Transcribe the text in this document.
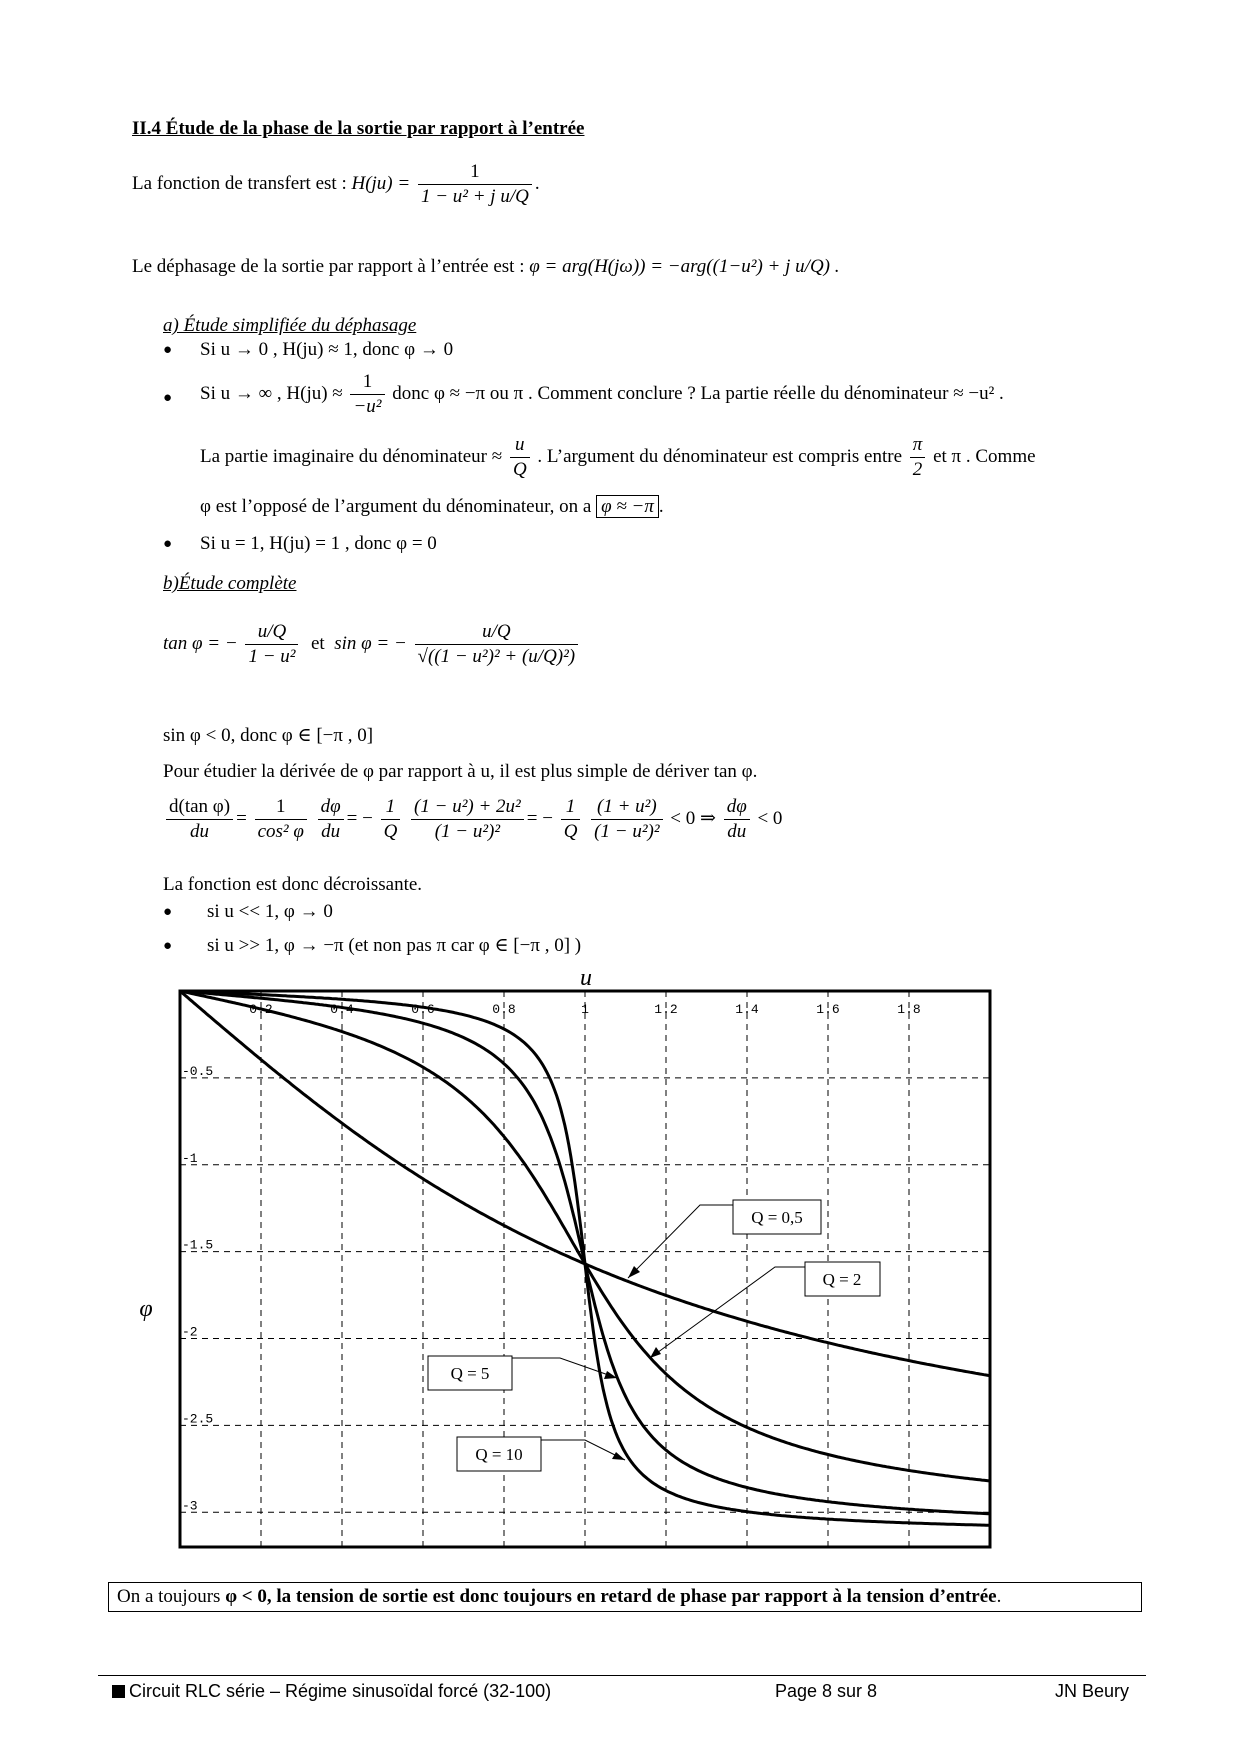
II.4 Étude de la phase de la sortie par rapport à l’entrée
La fonction de transfert est : $H(ju) = \frac{1}{\text{1 − u² + j u/Q}}$ .
Le déphasage de la sortie par rapport à l’entrée est : φ = arg(H(jω)) = −arg((1−u²) + j u/Q) .
a) Étude simplifiée du déphasage
● Si u → 0 , H(ju) ≈ 1, donc φ → 0
● Si u → ∞ , $H(ju) \approx \frac{1}{\text{−u²}}$ donc φ ≈ −π ou π . Comment conclure ? La partie réelle du dénominateur ≈ −u² .
La partie imaginaire du dénominateur ≈ $\frac{u}{Q}$ . L’argument du dénominateur est compris entre $\frac{\pi}{2}$ et π . Comme
φ est l’opposé de l’argument du dénominateur, on a φ ≈ −π .
● Si u = 1, H(ju) = 1 , donc φ = 0
b)Étude complète
tan φ = − $\frac{u/Q}{\text{1 − u²}}$ et sin φ = − $\frac{u/Q}{\text{√((1 − u²)² + (u/Q)²)}}$
sin φ < 0, donc φ ∈ [−π , 0]
Pour étudier la dérivée de φ par rapport à u, il est plus simple de dériver tan φ.
$\frac{\text{d(tan φ)}}{du} = \frac{1}{\text{cos² φ}}$
$\frac{d\varphi}{du}$ = − $\frac{1}{Q}$
$\frac{\text{(1 − u²) + 2u²}}{\text{(1 − u²)²}}$ = − $\frac{1}{Q}$
$\frac{\text{(1 + u²)}}{\text{(1 − u²)²}} < 0$ ⇒ $\frac{d\varphi}{du} < 0$
La fonction est donc décroissante.
● si u << 1, φ → 0
● si u >> 1, φ → −π (et non pas π car φ ∈ [−π , 0] )
0.2	0.4	0.6	0.8	1	1.2	1.4	1.6	1.8
-0.5
-1
-1.5
-2
-2.5
-3
u
φ
Q = 0,5
Q = 2
Q = 5
Q = 10
On a toujours φ < 0, la tension de sortie est donc toujours en retard de phase par rapport à la tension d’entrée.
Circuit RLC série – Régime sinusoïdal forcé (32-100)	Page 8 sur 8	JN Beury
